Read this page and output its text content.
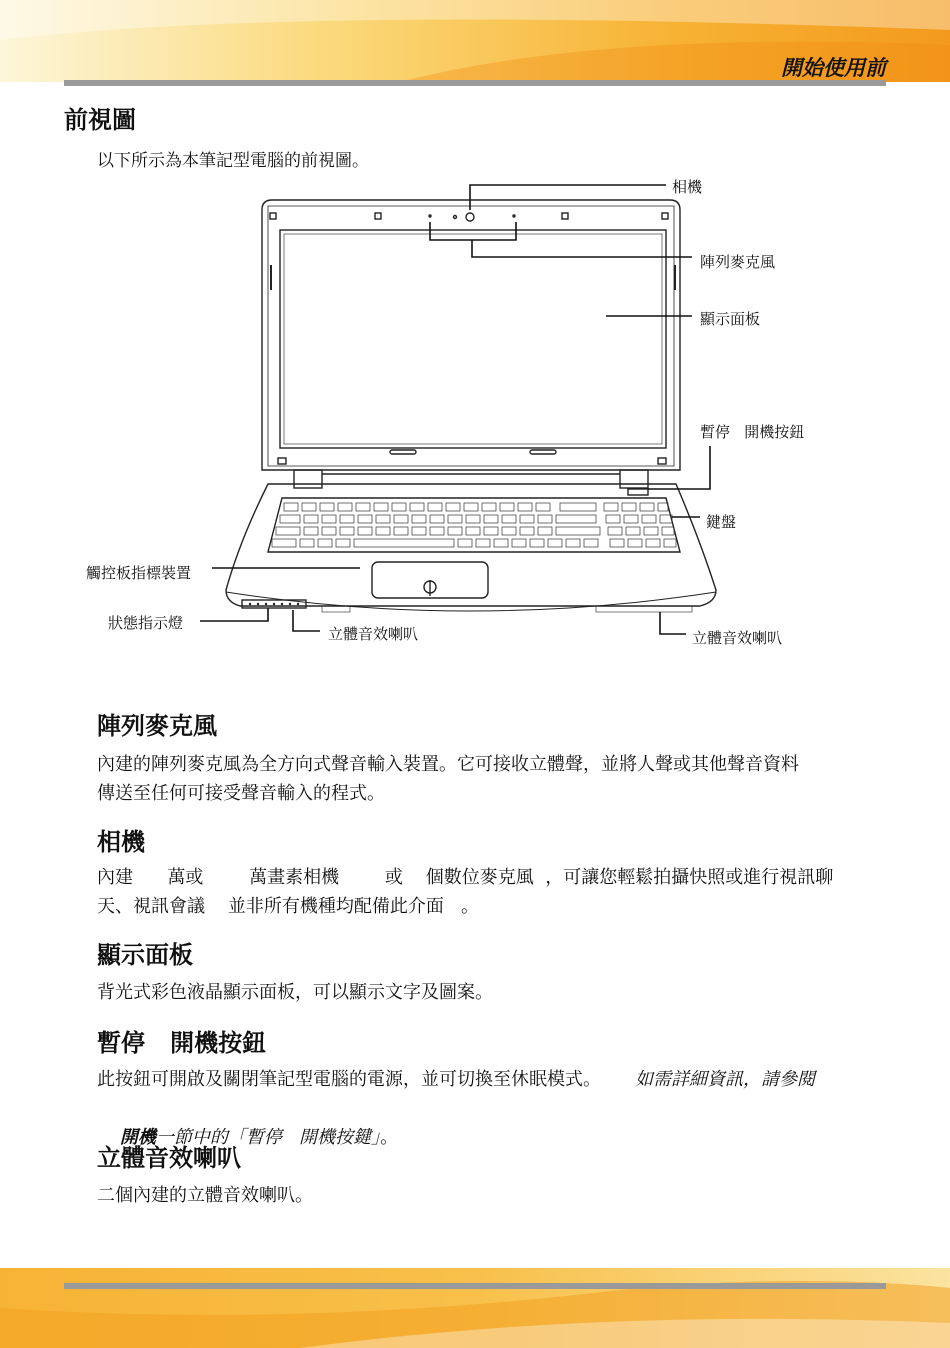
開始使用前
前視圖
以下所示為本筆記型電腦的前視圖。
相機
陣列麥克風
顯示面板
暫停   開機按鈕
鍵盤
觸控板指標裝置
狀態指示燈
立體音效喇叭	立體音效喇叭
陣列麥克風
內建的陣列麥克風為全方向式聲音輸入裝置。它可接收立體聲，並將人聲或其他聲音資料
傳送至任何可接受聲音輸入的程式。
相機
內建      萬或        萬畫素相機        或    個數位麥克風  ，可讓您輕鬆拍攝快照或進行視訊聊
天、視訊會議    並非所有機種均配備此介面   。
顯示面板
背光式彩色液晶顯示面板，可以顯示文字及圖案。
暫停   開機按鈕
此按鈕可開啟及關閉筆記型電腦的電源，並可切換至休眠模式。 如需詳細資訊，請參閱

開機一節中的「暫停   開機按鍵」。

立體音效喇叭
二個內建的立體音效喇叭。
